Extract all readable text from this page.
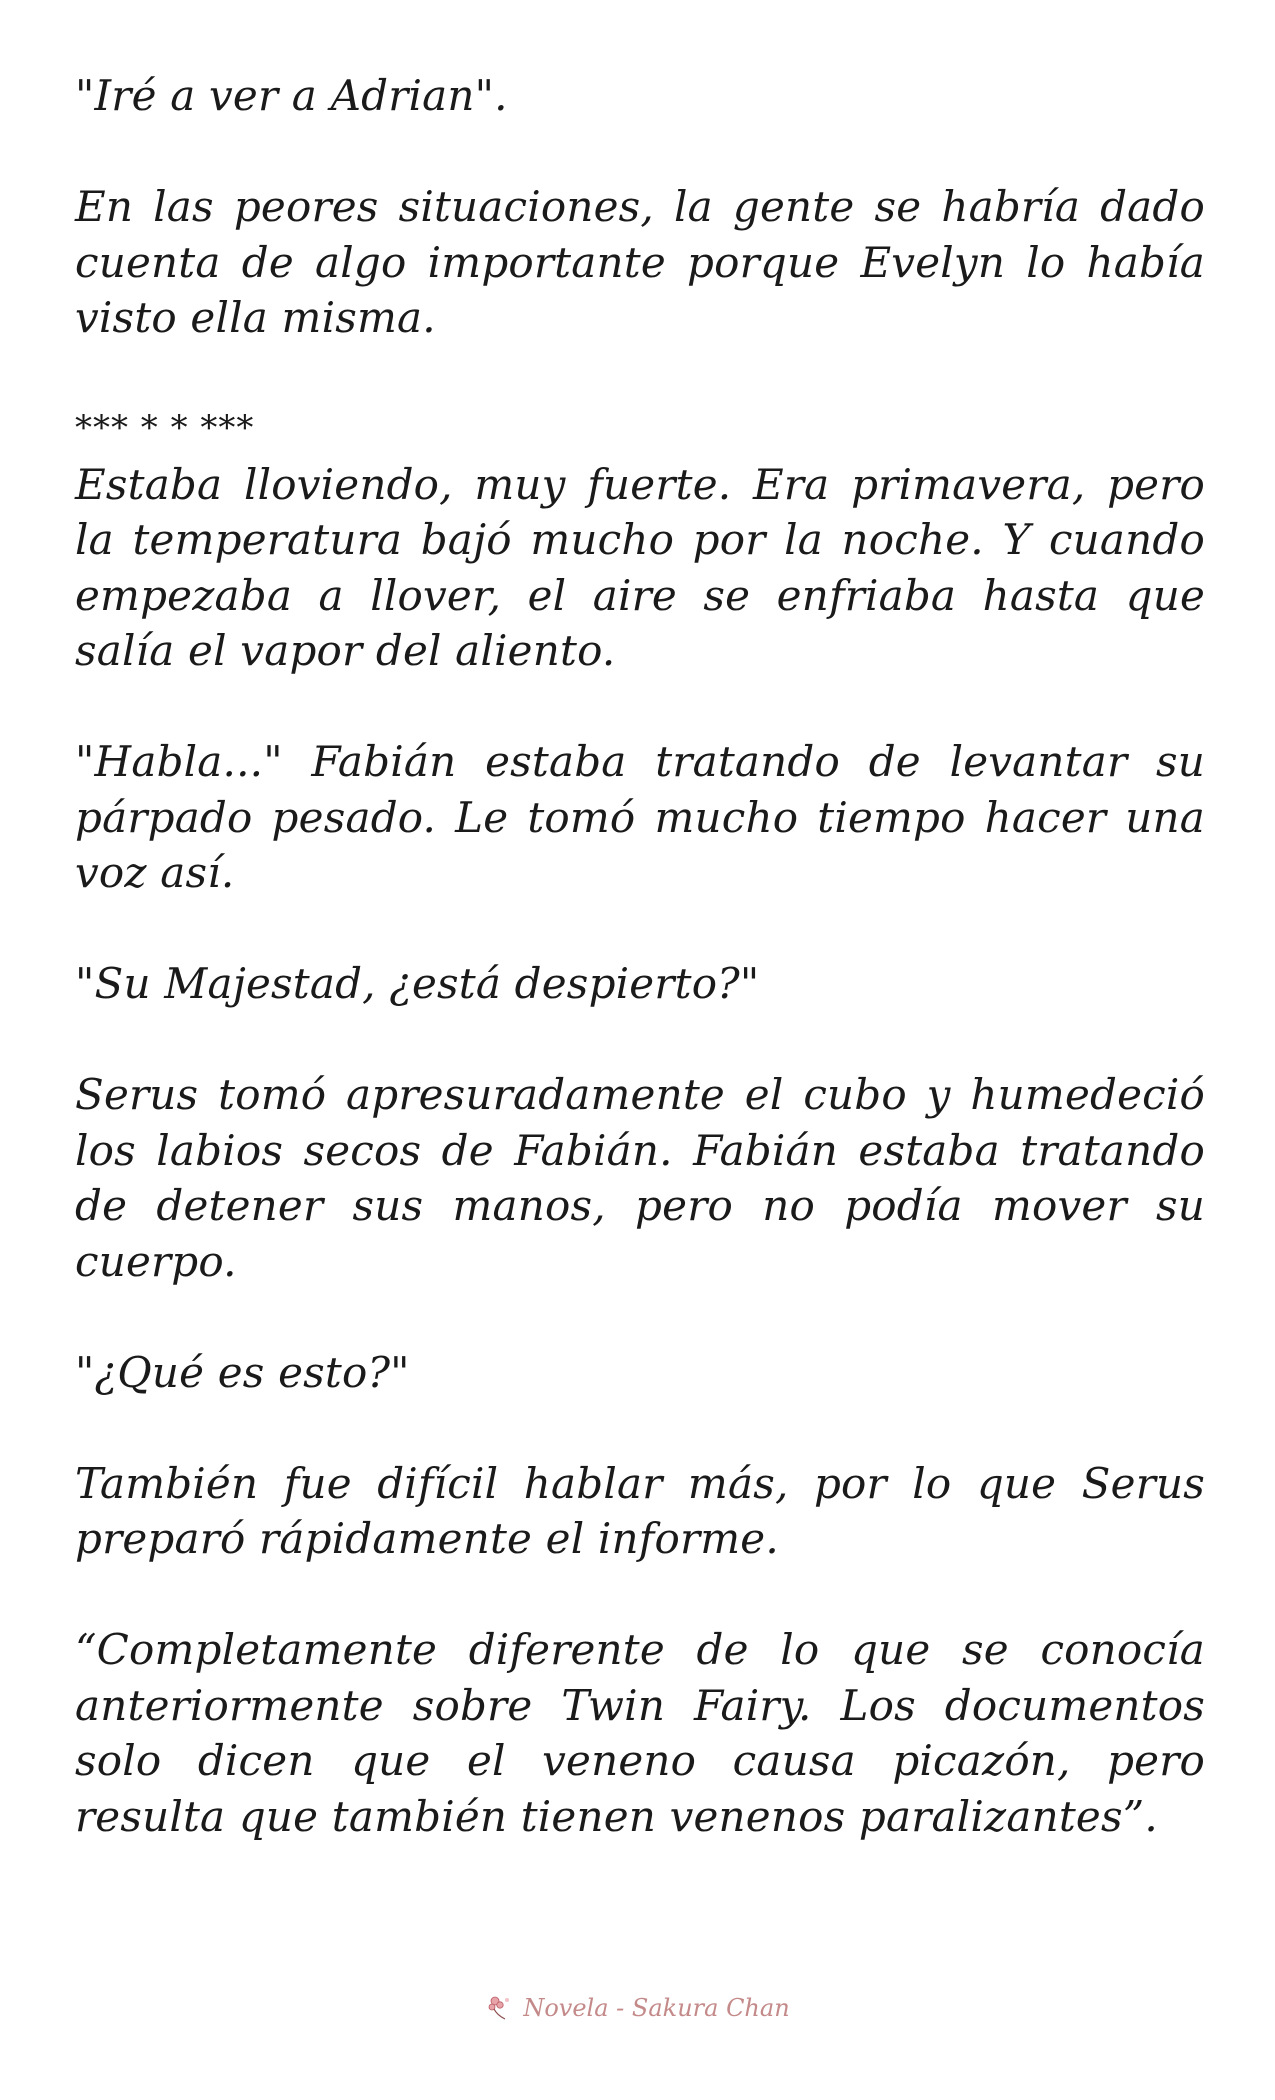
"Iré a ver a Adrian".

En las peores situaciones, la gente se habría dado cuenta de algo importante porque Evelyn lo había visto ella misma.

*** * * ***

Estaba lloviendo, muy fuerte. Era primavera, pero la temperatura bajó mucho por la noche. Y cuando empezaba a llover, el aire se enfriaba hasta que salía el vapor del aliento.

"Habla..." Fabián estaba tratando de levantar su párpado pesado. Le tomó mucho tiempo hacer una voz así.

"Su Majestad, ¿está despierto?"

Serus tomó apresuradamente el cubo y humedeció los labios secos de Fabián. Fabián estaba tratando de detener sus manos, pero no podía mover su cuerpo.

"¿Qué es esto?"

También fue difícil hablar más, por lo que Serus preparó rápidamente el informe.

“Completamente diferente de lo que se conocía anteriormente sobre Twin Fairy. Los documentos solo dicen que el veneno causa picazón, pero resulta que también tienen venenos paralizantes”.

Novela - Sakura Chan
